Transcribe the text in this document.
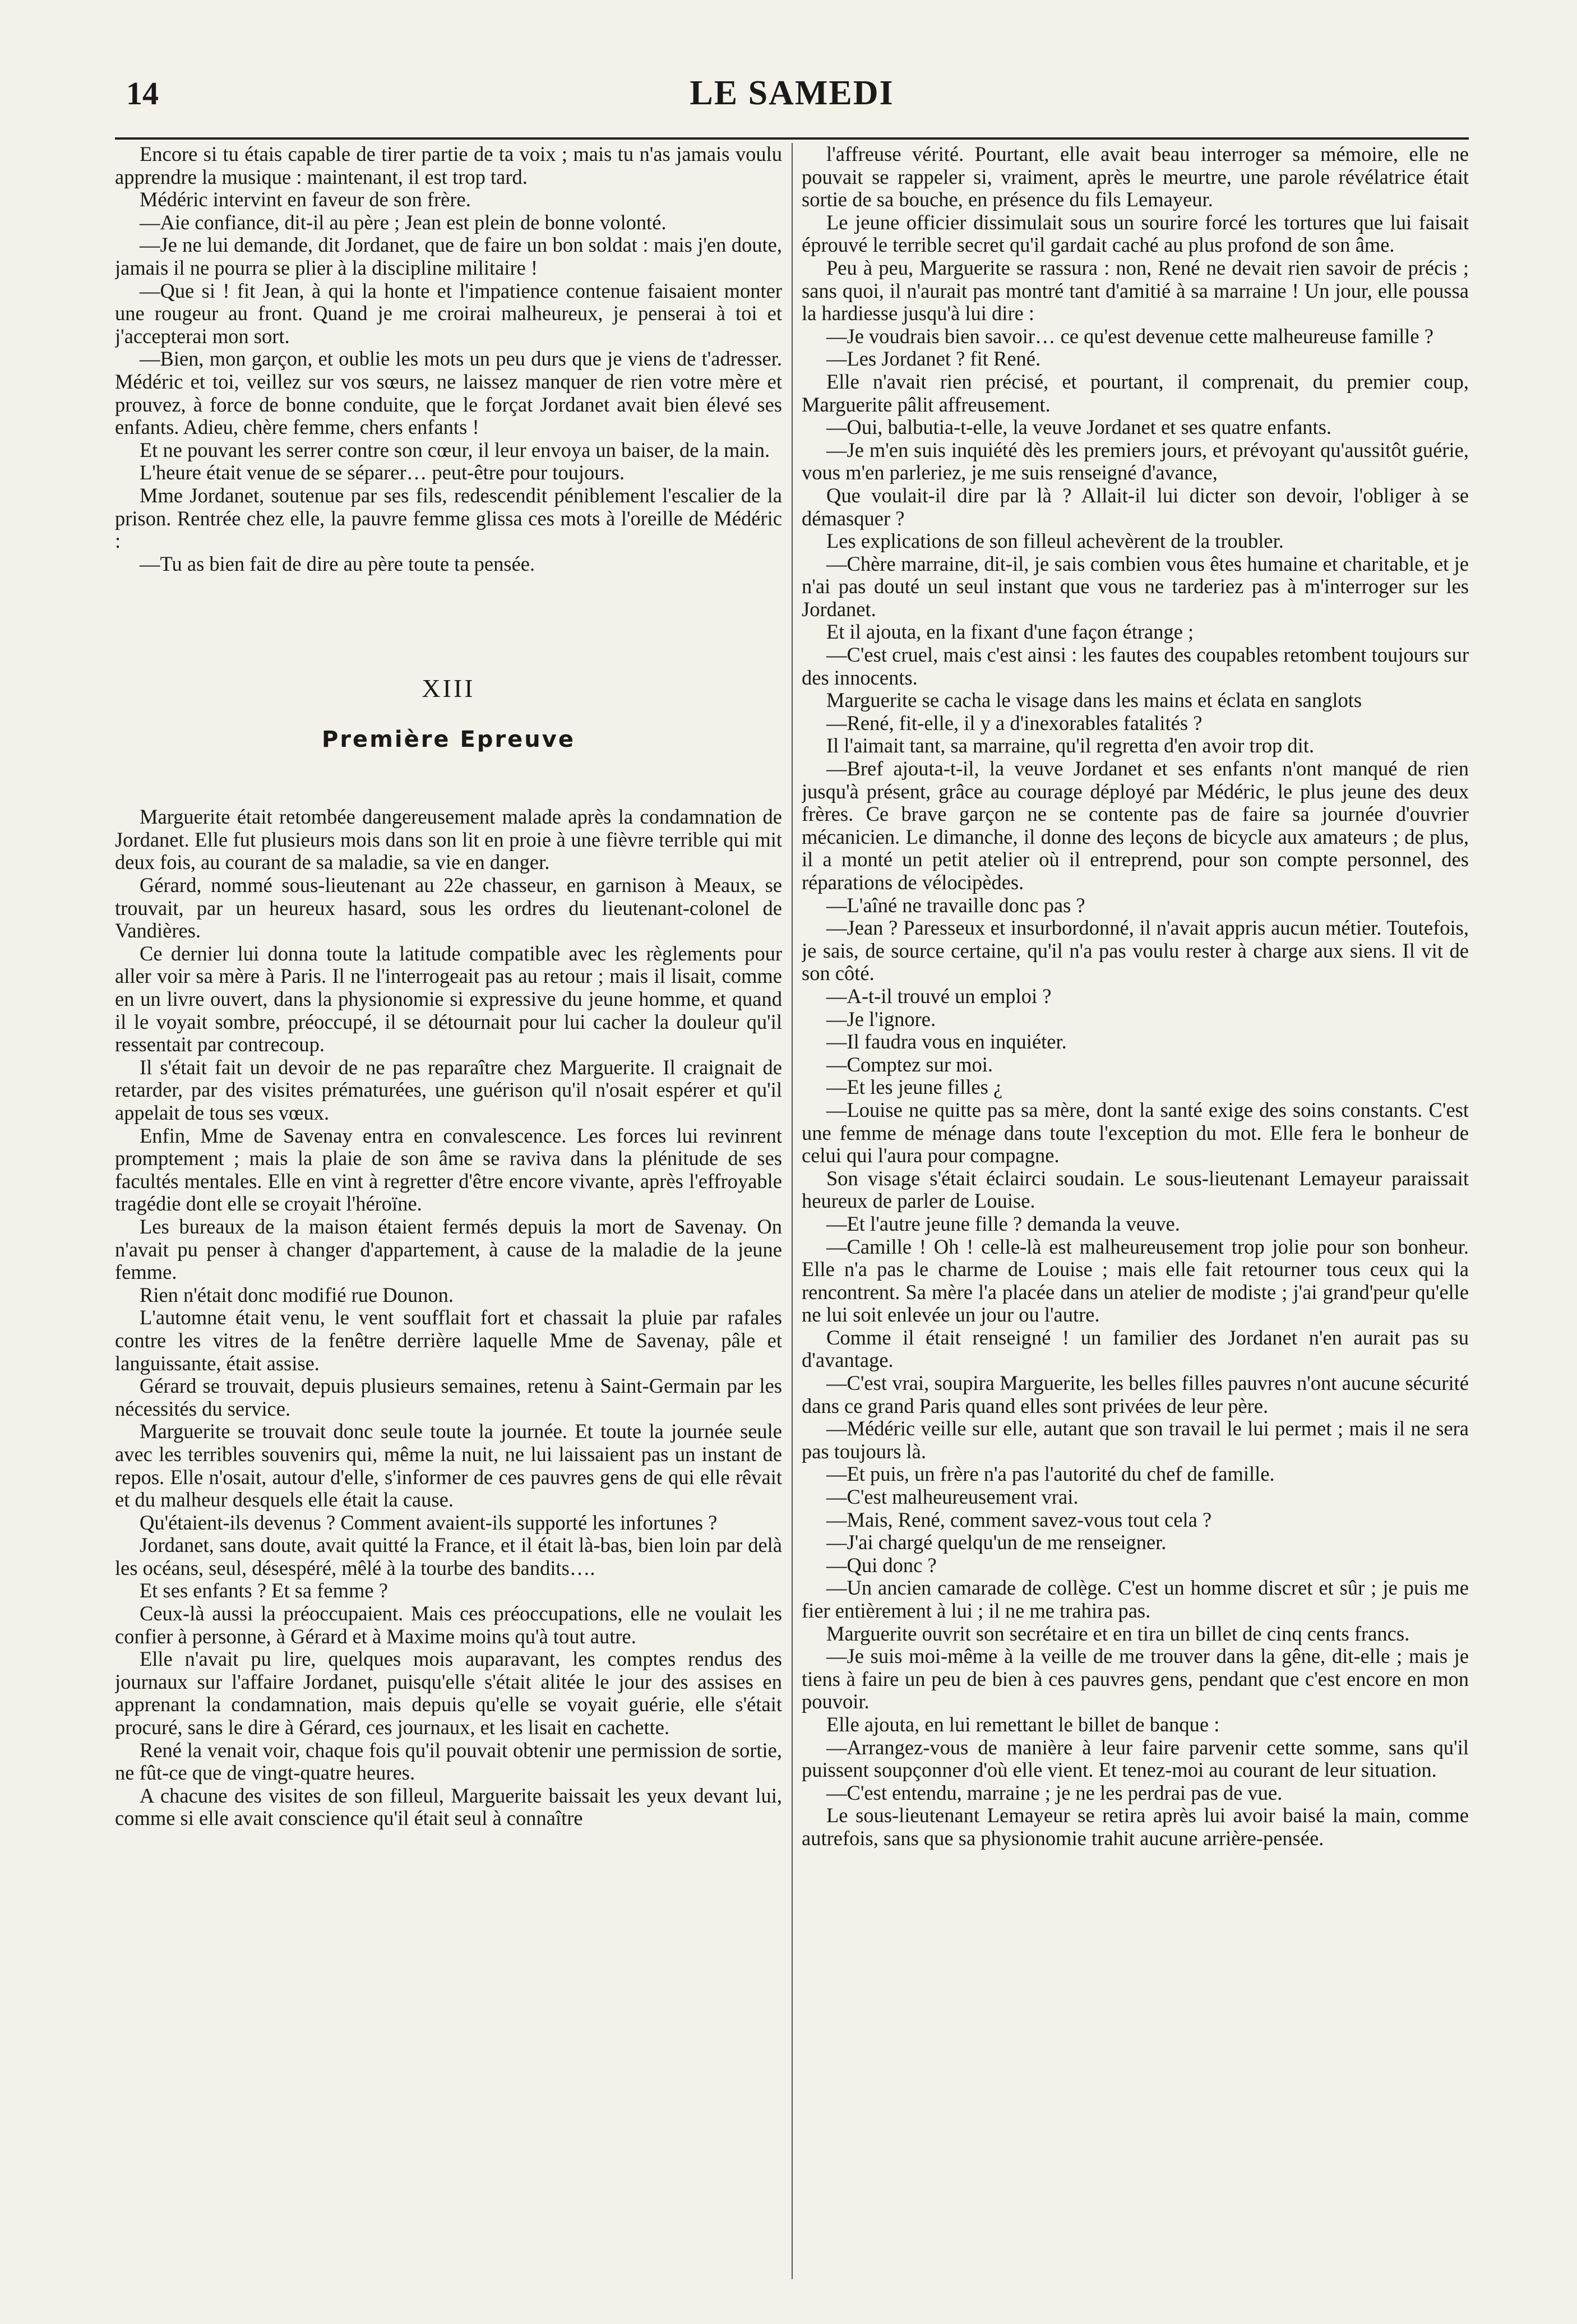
14	LE SAMEDI

Encore si tu étais capable de tirer partie de ta voix ; mais tu n'as jamais voulu apprendre la musique : maintenant, il est trop tard.

Médéric intervint en faveur de son frère.

—Aie confiance, dit-il au père ; Jean est plein de bonne volonté.

—Je ne lui demande, dit Jordanet, que de faire un bon soldat : mais j'en doute, jamais il ne pourra se plier à la discipline militaire !

—Que si ! fit Jean, à qui la honte et l'impatience contenue faisaient monter une rougeur au front. Quand je me croirai malheureux, je penserai à toi et j'accepterai mon sort.

—Bien, mon garçon, et oublie les mots un peu durs que je viens de t'adresser. Médéric et toi, veillez sur vos sœurs, ne laissez manquer de rien votre mère et prouvez, à force de bonne conduite, que le forçat Jordanet avait bien élevé ses enfants. Adieu, chère femme, chers enfants !

Et ne pouvant les serrer contre son cœur, il leur envoya un baiser, de la main.

L'heure était venue de se séparer… peut-être pour toujours.

Mme Jordanet, soutenue par ses fils, redescendit péniblement l'escalier de la prison. Rentrée chez elle, la pauvre femme glissa ces mots à l'oreille de Médéric :

—Tu as bien fait de dire au père toute ta pensée.

XIII
Première Epreuve

Marguerite était retombée dangereusement malade après la condamnation de Jordanet. Elle fut plusieurs mois dans son lit en proie à une fièvre terrible qui mit deux fois, au courant de sa maladie, sa vie en danger.

Gérard, nommé sous-lieutenant au 22e chasseur, en garnison à Meaux, se trouvait, par un heureux hasard, sous les ordres du lieutenant-colonel de Vandières.

Ce dernier lui donna toute la latitude compatible avec les règlements pour aller voir sa mère à Paris. Il ne l'interrogeait pas au retour ; mais il lisait, comme en un livre ouvert, dans la physionomie si expressive du jeune homme, et quand il le voyait sombre, préoccupé, il se détournait pour lui cacher la douleur qu'il ressentait par contrecoup.

Il s'était fait un devoir de ne pas reparaître chez Marguerite. Il craignait de retarder, par des visites prématurées, une guérison qu'il n'osait espérer et qu'il appelait de tous ses vœux.

Enfin, Mme de Savenay entra en convalescence. Les forces lui revinrent promptement ; mais la plaie de son âme se raviva dans la plénitude de ses facultés mentales. Elle en vint à regretter d'être encore vivante, après l'effroyable tragédie dont elle se croyait l'héroïne.

Les bureaux de la maison étaient fermés depuis la mort de Savenay. On n'avait pu penser à changer d'appartement, à cause de la maladie de la jeune femme.

Rien n'était donc modifié rue Dounon.

L'automne était venu, le vent soufflait fort et chassait la pluie par rafales contre les vitres de la fenêtre derrière laquelle Mme de Savenay, pâle et languissante, était assise.

Gérard se trouvait, depuis plusieurs semaines, retenu à Saint-Germain par les nécessités du service.

Marguerite se trouvait donc seule toute la journée. Et toute la journée seule avec les terribles souvenirs qui, même la nuit, ne lui laissaient pas un instant de repos. Elle n'osait, autour d'elle, s'informer de ces pauvres gens de qui elle rêvait et du malheur desquels elle était la cause.

Qu'étaient-ils devenus ? Comment avaient-ils supporté les infortunes ?

Jordanet, sans doute, avait quitté la France, et il était là-bas, bien loin par delà les océans, seul, désespéré, mêlé à la tourbe des bandits….

Et ses enfants ? Et sa femme ?

Ceux-là aussi la préoccupaient. Mais ces préoccupations, elle ne voulait les confier à personne, à Gérard et à Maxime moins qu'à tout autre.

Elle n'avait pu lire, quelques mois auparavant, les comptes rendus des journaux sur l'affaire Jordanet, puisqu'elle s'était alitée le jour des assises en apprenant la condamnation, mais depuis qu'elle se voyait guérie, elle s'était procuré, sans le dire à Gérard, ces journaux, et les lisait en cachette.

René la venait voir, chaque fois qu'il pouvait obtenir une permission de sortie, ne fût-ce que de vingt-quatre heures.

A chacune des visites de son filleul, Marguerite baissait les yeux devant lui, comme si elle avait conscience qu'il était seul à connaître

l'affreuse vérité. Pourtant, elle avait beau interroger sa mémoire, elle ne pouvait se rappeler si, vraiment, après le meurtre, une parole révélatrice était sortie de sa bouche, en présence du fils Lemayeur.

Le jeune officier dissimulait sous un sourire forcé les tortures que lui faisait éprouvé le terrible secret qu'il gardait caché au plus profond de son âme.

Peu à peu, Marguerite se rassura : non, René ne devait rien savoir de précis ; sans quoi, il n'aurait pas montré tant d'amitié à sa marraine ! Un jour, elle poussa la hardiesse jusqu'à lui dire :

—Je voudrais bien savoir… ce qu'est devenue cette malheureuse famille ?

—Les Jordanet ? fit René.

Elle n'avait rien précisé, et pourtant, il comprenait, du premier coup, Marguerite pâlit affreusement.

—Oui, balbutia-t-elle, la veuve Jordanet et ses quatre enfants.

—Je m'en suis inquiété dès les premiers jours, et prévoyant qu'aussitôt guérie, vous m'en parleriez, je me suis renseigné d'avance,

Que voulait-il dire par là ? Allait-il lui dicter son devoir, l'obliger à se démasquer ?

Les explications de son filleul achevèrent de la troubler.

—Chère marraine, dit-il, je sais combien vous êtes humaine et charitable, et je n'ai pas douté un seul instant que vous ne tarderiez pas à m'interroger sur les Jordanet.

Et il ajouta, en la fixant d'une façon étrange ;

—C'est cruel, mais c'est ainsi : les fautes des coupables retombent toujours sur des innocents.

Marguerite se cacha le visage dans les mains et éclata en sanglots

—René, fit-elle, il y a d'inexorables fatalités ?

Il l'aimait tant, sa marraine, qu'il regretta d'en avoir trop dit.

—Bref ajouta-t-il, la veuve Jordanet et ses enfants n'ont manqué de rien jusqu'à présent, grâce au courage déployé par Médéric, le plus jeune des deux frères. Ce brave garçon ne se contente pas de faire sa journée d'ouvrier mécanicien. Le dimanche, il donne des leçons de bicycle aux amateurs ; de plus, il a monté un petit atelier où il entreprend, pour son compte personnel, des réparations de vélocipèdes.

—L'aîné ne travaille donc pas ?

—Jean ? Paresseux et insurbordonné, il n'avait appris aucun métier. Toutefois, je sais, de source certaine, qu'il n'a pas voulu rester à charge aux siens. Il vit de son côté.

—A-t-il trouvé un emploi ?

—Je l'ignore.

—Il faudra vous en inquiéter.

—Comptez sur moi.

—Et les jeune filles ¿

—Louise ne quitte pas sa mère, dont la santé exige des soins constants. C'est une femme de ménage dans toute l'exception du mot. Elle fera le bonheur de celui qui l'aura pour compagne.

Son visage s'était éclairci soudain. Le sous-lieutenant Lemayeur paraissait heureux de parler de Louise.

—Et l'autre jeune fille ? demanda la veuve.

—Camille ! Oh ! celle-là est malheureusement trop jolie pour son bonheur. Elle n'a pas le charme de Louise ; mais elle fait retourner tous ceux qui la rencontrent. Sa mère l'a placée dans un atelier de modiste ; j'ai grand'peur qu'elle ne lui soit enlevée un jour ou l'autre.

Comme il était renseigné ! un familier des Jordanet n'en aurait pas su d'avantage.

—C'est vrai, soupira Marguerite, les belles filles pauvres n'ont aucune sécurité dans ce grand Paris quand elles sont privées de leur père.

—Médéric veille sur elle, autant que son travail le lui permet ; mais il ne sera pas toujours là.

—Et puis, un frère n'a pas l'autorité du chef de famille.

—C'est malheureusement vrai.

—Mais, René, comment savez-vous tout cela ?

—J'ai chargé quelqu'un de me renseigner.

—Qui donc ?

—Un ancien camarade de collège. C'est un homme discret et sûr ; je puis me fier entièrement à lui ; il ne me trahira pas.

Marguerite ouvrit son secrétaire et en tira un billet de cinq cents francs.

—Je suis moi-même à la veille de me trouver dans la gêne, dit-elle ; mais je tiens à faire un peu de bien à ces pauvres gens, pendant que c'est encore en mon pouvoir.

Elle ajouta, en lui remettant le billet de banque :

—Arrangez-vous de manière à leur faire parvenir cette somme, sans qu'il puissent soupçonner d'où elle vient. Et tenez-moi au courant de leur situation.

—C'est entendu, marraine ; je ne les perdrai pas de vue.

Le sous-lieutenant Lemayeur se retira après lui avoir baisé la main, comme autrefois, sans que sa physionomie trahit aucune arrière-pensée.
